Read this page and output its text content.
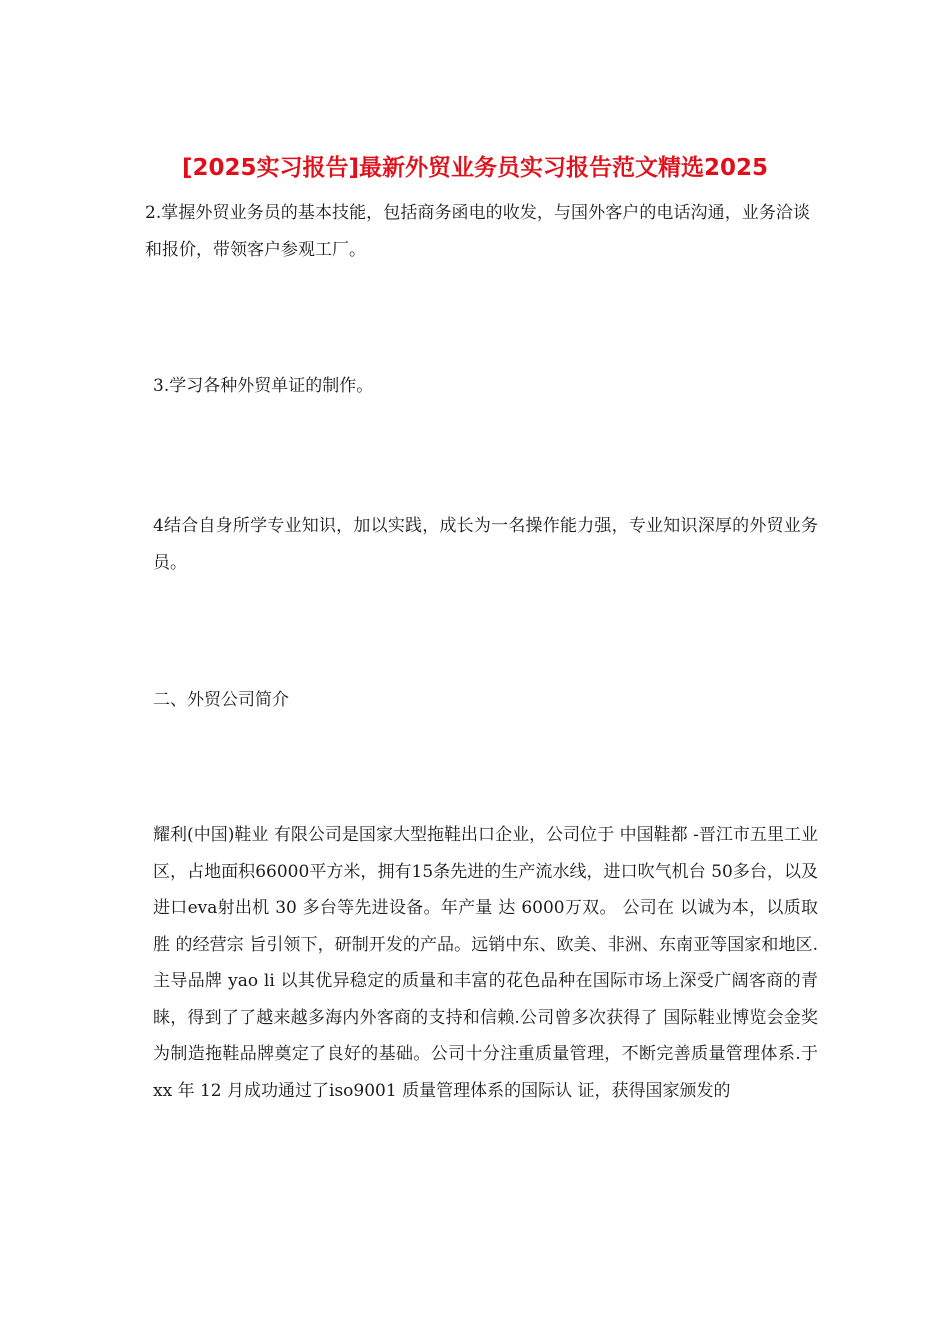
[2025实习报告]最新外贸业务员实习报告范文精选2025

2.掌握外贸业务员的基本技能，包括商务函电的收发，与国外客户的电话沟通，业务洽谈和报价，带领客户参观工厂。

3.学习各种外贸单证的制作。

4结合自身所学专业知识，加以实践，成长为一名操作能力强，专业知识深厚的外贸业务员。

二、外贸公司简介

耀利(中国)鞋业 有限公司是国家大型拖鞋出口企业，公司位于 中国鞋都 -晋江市五里工业区，占地面积66000平方米，拥有15条先进的生产流水线，进口吹气机台 50多台，以及进口eva射出机 30 多台等先进设备。年产量 达 6000万双。 公司在 以诚为本，以质取胜 的经营宗 旨引领下，研制开发的产品。远销中东、欧美、非洲、东南亚等国家和地区.主导品牌 yao li 以其优异稳定的质量和丰富的花色品种在国际市场上深受广阔客商的青睐，得到了了越来越多海内外客商的支持和信赖.公司曾多次获得了 国际鞋业博览会金奖 为制造拖鞋品牌奠定了良好的基础。公司十分注重质量管理，不断完善质量管理体系.于xx 年 12 月成功通过了iso9001 质量管理体系的国际认 证，获得国家颁发的
